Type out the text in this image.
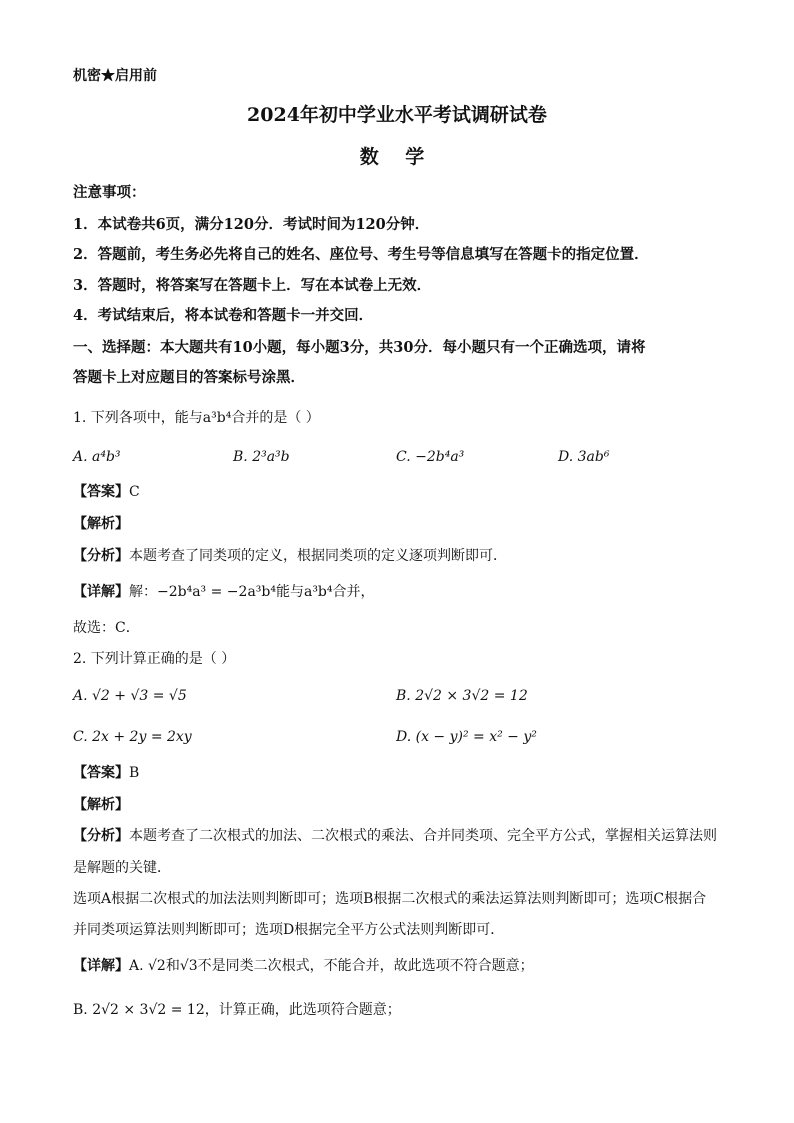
机密★启用前
2024年初中学业水平考试调研试卷
数 学
注意事项：
1．本试卷共6页，满分120分．考试时间为120分钟．
2．答题前，考生务必先将自己的姓名、座位号、考生号等信息填写在答题卡的指定位置．
3．答题时，将答案写在答题卡上．写在本试卷上无效．
4．考试结束后，将本试卷和答题卡一并交回．
一、选择题：本大题共有10小题，每小题3分，共30分．每小题只有一个正确选项，请将
答题卡上对应题目的答案标号涂黑．
1. 下列各项中，能与a³b⁴合并的是（ ）
A. a⁴b³	B. 2³a³b	C. −2b⁴a³	D. 3ab⁶
【答案】C
【解析】
【分析】本题考查了同类项的定义，根据同类项的定义逐项判断即可．
【详解】解：−2b⁴a³ = −2a³b⁴能与a³b⁴合并，
故选：C．
2. 下列计算正确的是（ ）
A. √2 + √3 = √5	B. 2√2 × 3√2 = 12
C. 2x + 2y = 2xy	D. (x − y)² = x² − y²
【答案】B
【解析】
【分析】本题考查了二次根式的加法、二次根式的乘法、合并同类项、完全平方公式，掌握相关运算法则
是解题的关键．
选项A根据二次根式的加法法则判断即可；选项B根据二次根式的乘法运算法则判断即可；选项C根据合
并同类项运算法则判断即可；选项D根据完全平方公式法则判断即可．
【详解】A. √2和√3不是同类二次根式，不能合并，故此选项不符合题意；
B. 2√2 × 3√2 = 12，计算正确，此选项符合题意；
